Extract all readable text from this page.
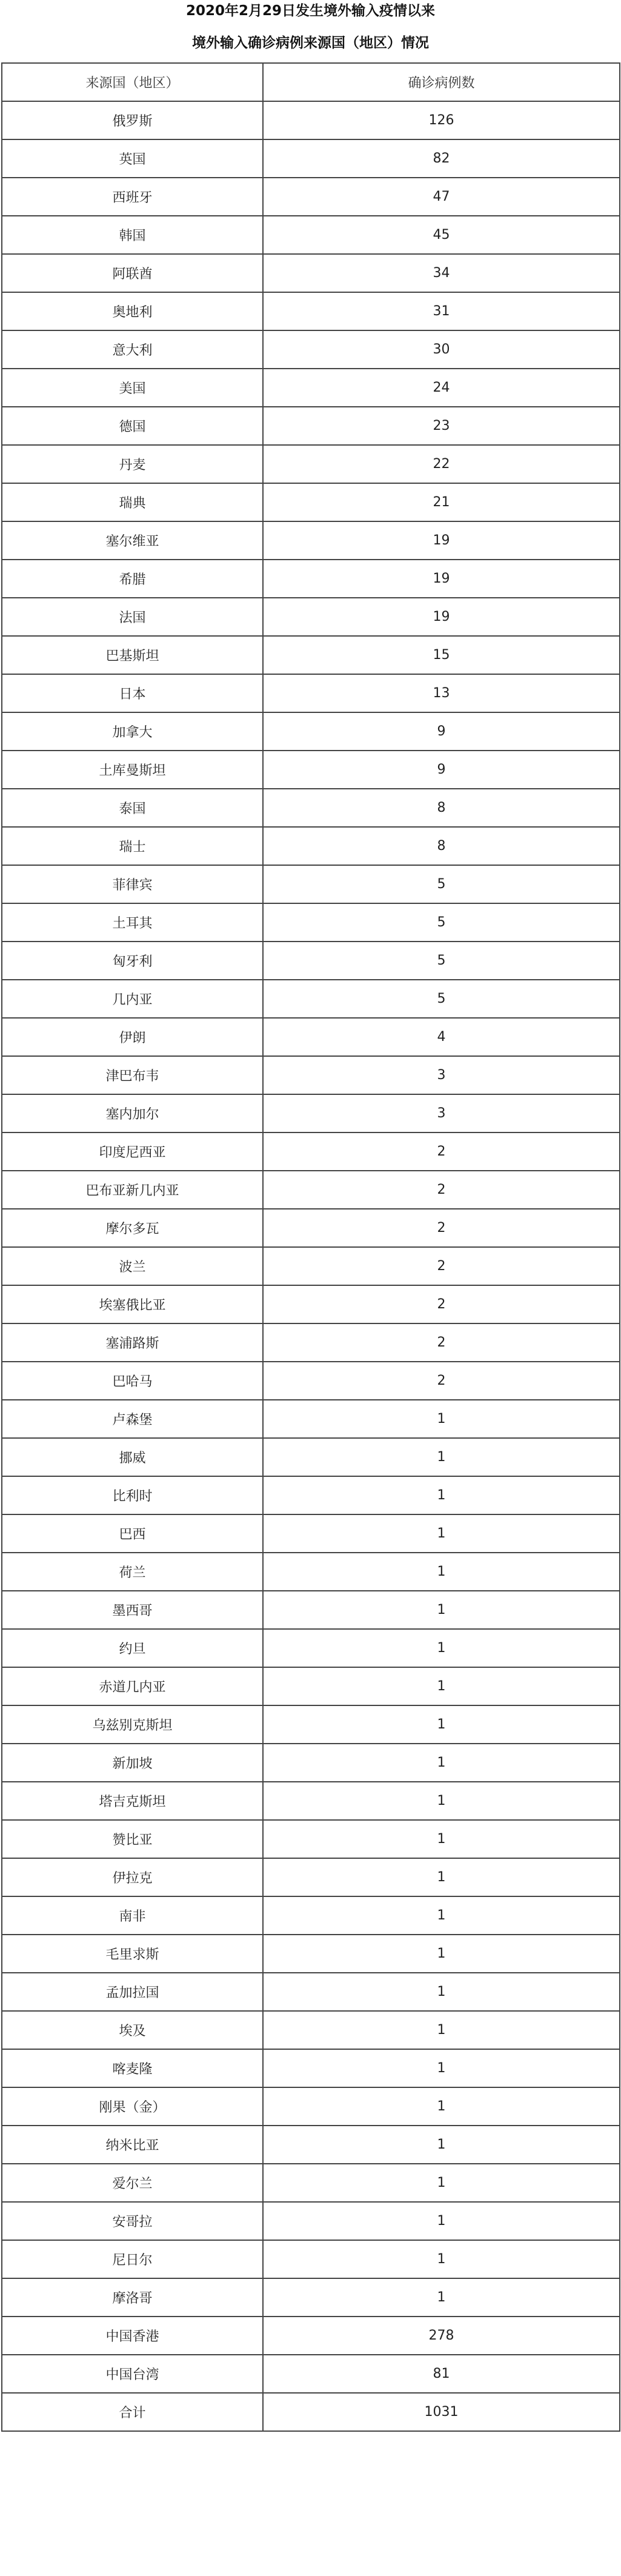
2020年2月29日发生境外输入疫情以来
境外输入确诊病例来源国（地区）情况
来源国（地区）	确诊病例数
俄罗斯	126
英国	82
西班牙	47
韩国	45
阿联酋	34
奥地利	31
意大利	30
美国	24
德国	23
丹麦	22
瑞典	21
塞尔维亚	19
希腊	19
法国	19
巴基斯坦	15
日本	13
加拿大	9
土库曼斯坦	9
泰国	8
瑞士	8
菲律宾	5
土耳其	5
匈牙利	5
几内亚	5
伊朗	4
津巴布韦	3
塞内加尔	3
印度尼西亚	2
巴布亚新几内亚	2
摩尔多瓦	2
波兰	2
埃塞俄比亚	2
塞浦路斯	2
巴哈马	2
卢森堡	1
挪威	1
比利时	1
巴西	1
荷兰	1
墨西哥	1
约旦	1
赤道几内亚	1
乌兹别克斯坦	1
新加坡	1
塔吉克斯坦	1
赞比亚	1
伊拉克	1
南非	1
毛里求斯	1
孟加拉国	1
埃及	1
喀麦隆	1
刚果（金）	1
纳米比亚	1
爱尔兰	1
安哥拉	1
尼日尔	1
摩洛哥	1
中国香港	278
中国台湾	81
合计	1031
